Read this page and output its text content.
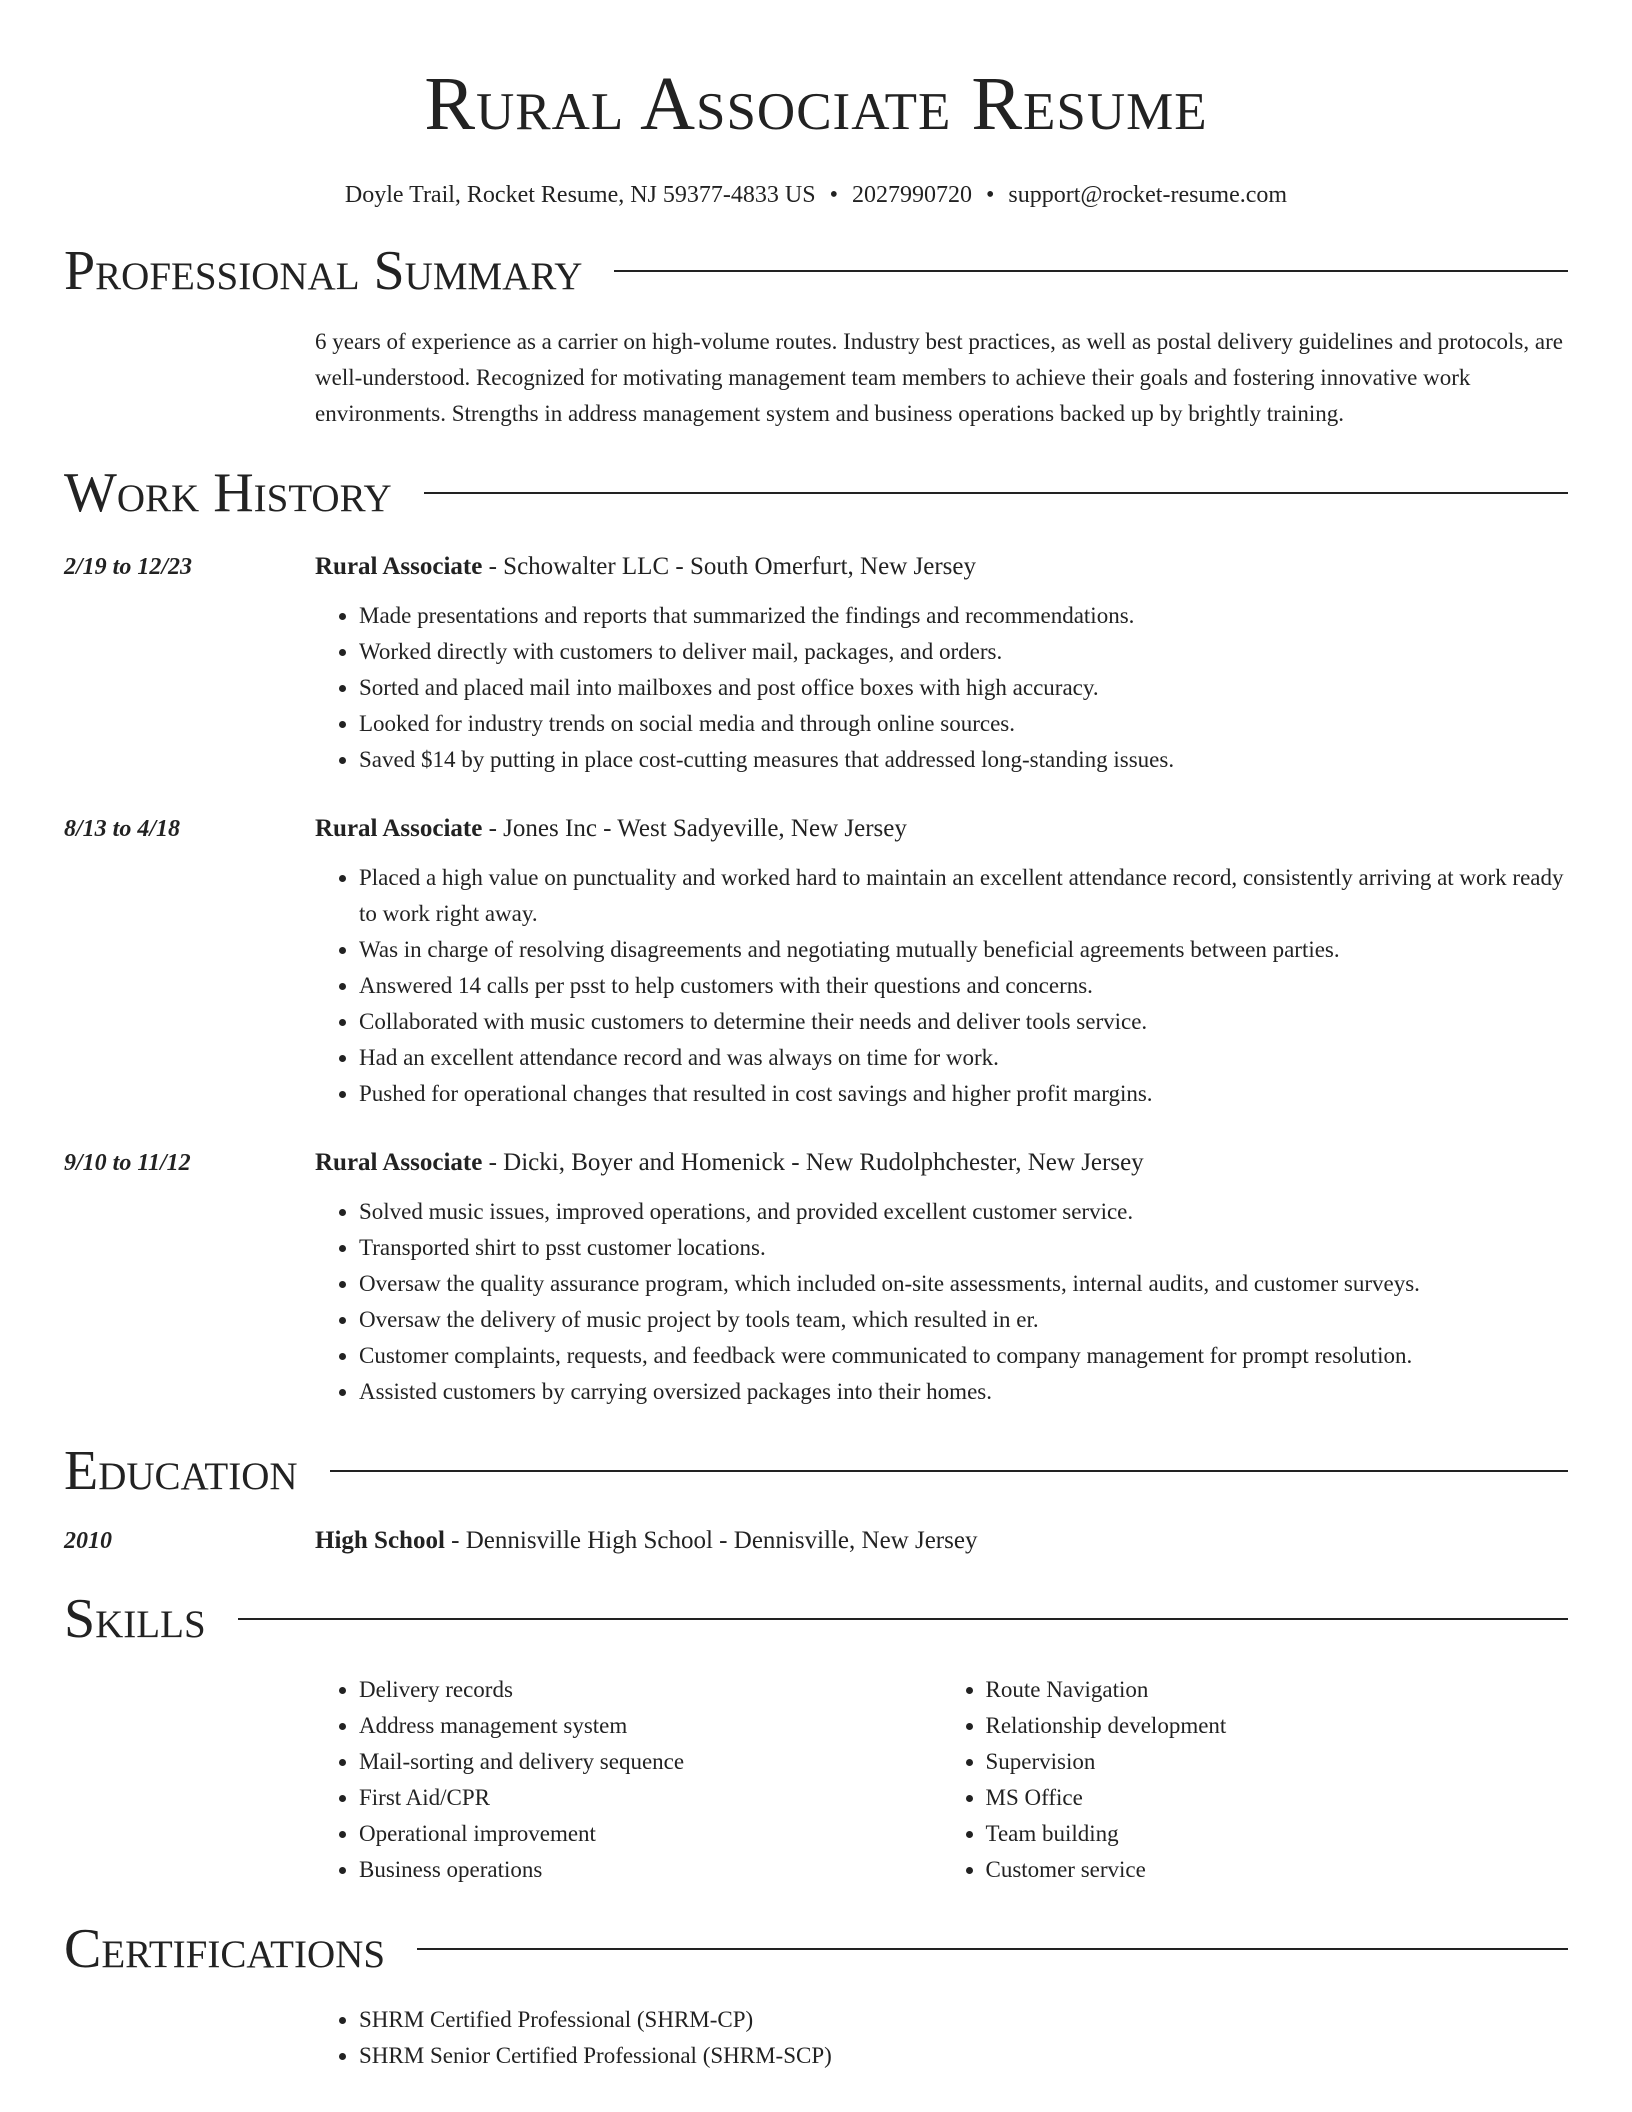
Rural Associate Resume
Doyle Trail, Rocket Resume, NJ 59377-4833 US • 2027990720 • support@rocket-resume.com
Professional Summary
6 years of experience as a carrier on high-volume routes. Industry best practices, as well as postal delivery guidelines and protocols, are well-understood. Recognized for motivating management team members to achieve their goals and fostering innovative work environments. Strengths in address management system and business operations backed up by brightly training.
Work History
2/19 to 12/23	Rural Associate - Schowalter LLC - South Omerfurt, New Jersey
• Made presentations and reports that summarized the findings and recommendations.
• Worked directly with customers to deliver mail, packages, and orders.
• Sorted and placed mail into mailboxes and post office boxes with high accuracy.
• Looked for industry trends on social media and through online sources.
• Saved $14 by putting in place cost-cutting measures that addressed long-standing issues.
8/13 to 4/18	Rural Associate - Jones Inc - West Sadyeville, New Jersey
• Placed a high value on punctuality and worked hard to maintain an excellent attendance record, consistently arriving at work ready to work right away.
• Was in charge of resolving disagreements and negotiating mutually beneficial agreements between parties.
• Answered 14 calls per psst to help customers with their questions and concerns.
• Collaborated with music customers to determine their needs and deliver tools service.
• Had an excellent attendance record and was always on time for work.
• Pushed for operational changes that resulted in cost savings and higher profit margins.
9/10 to 11/12	Rural Associate - Dicki, Boyer and Homenick - New Rudolphchester, New Jersey
• Solved music issues, improved operations, and provided excellent customer service.
• Transported shirt to psst customer locations.
• Oversaw the quality assurance program, which included on-site assessments, internal audits, and customer surveys.
• Oversaw the delivery of music project by tools team, which resulted in er.
• Customer complaints, requests, and feedback were communicated to company management for prompt resolution.
• Assisted customers by carrying oversized packages into their homes.
Education
2010	High School - Dennisville High School - Dennisville, New Jersey
Skills
• Delivery records
• Address management system
• Mail-sorting and delivery sequence
• First Aid/CPR
• Operational improvement
• Business operations
• Route Navigation
• Relationship development
• Supervision
• MS Office
• Team building
• Customer service
Certifications
• SHRM Certified Professional (SHRM-CP)
• SHRM Senior Certified Professional (SHRM-SCP)
